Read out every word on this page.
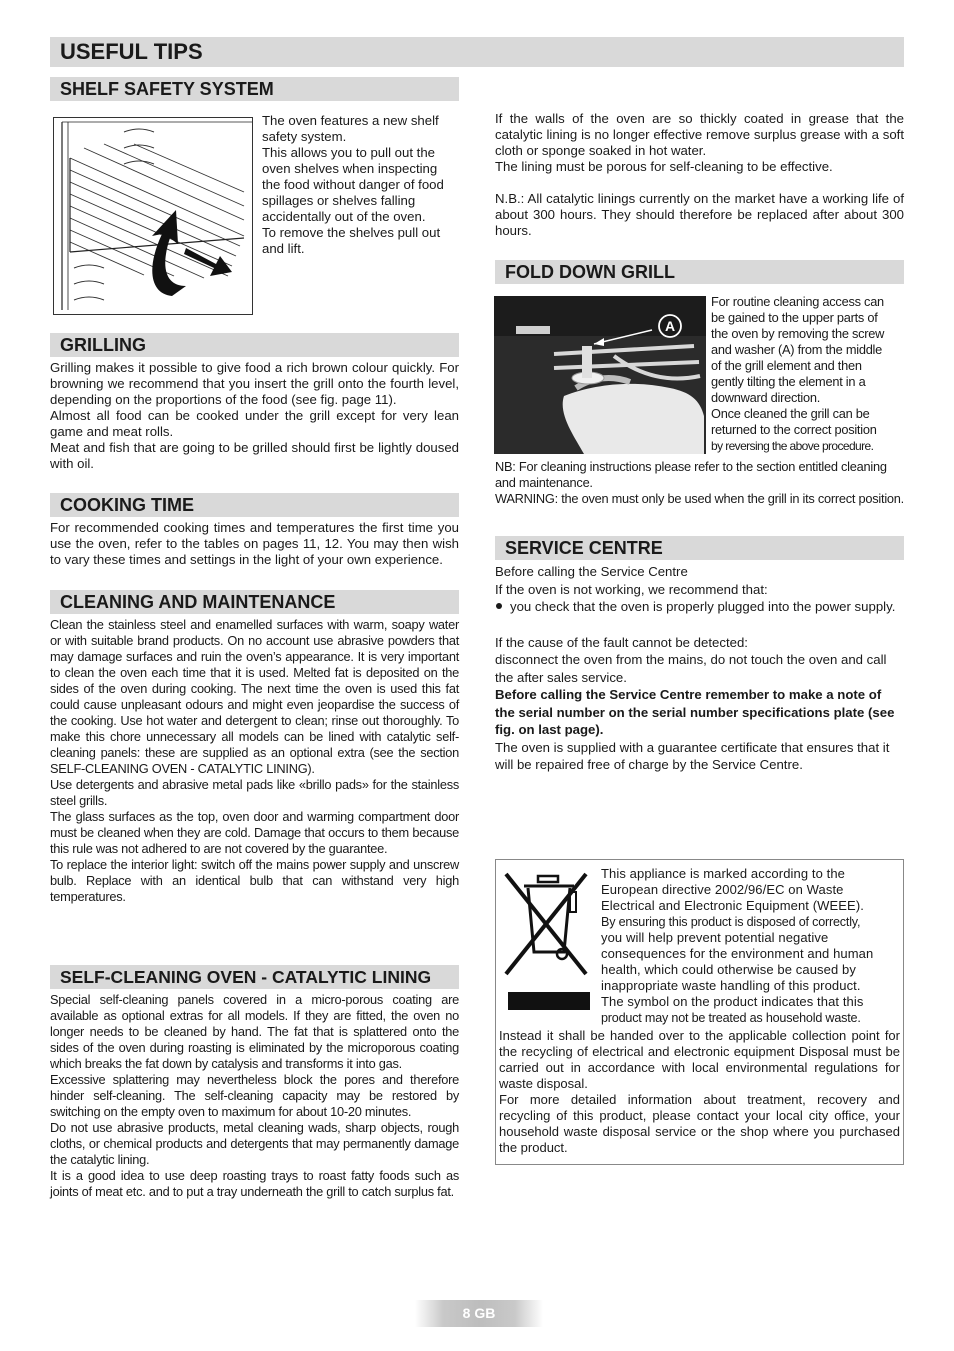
USEFUL TIPS
SHELF SAFETY SYSTEM

The oven features a new shelf

safety system.

This allows you to pull out the

oven shelves when inspecting

the food without danger of food

spillages or shelves falling

accidentally out of the oven.

To remove the shelves pull out

and lift.

GRILLING

Grilling makes it possible to give food a rich brown colour quickly. For browning we recommend that you insert the grill onto the fourth level, depending on the proportions of the food (see fig. page 11).

Almost all food can be cooked under the grill except for very lean game and meat rolls.

Meat and fish that are going to be grilled should first be lightly doused with oil.

COOKING TIME

For recommended cooking times and temperatures the first time you use the oven, refer to the tables on pages 11, 12. You may then wish to vary these times and settings in the light of your own experience.

CLEANING AND MAINTENANCE

Clean the stainless steel and enamelled surfaces with warm, soapy water or with suitable brand products. On no account use abrasive powders that may damage surfaces and ruin the oven’s appearance. It is very important to clean the oven each time that it is used. Melted fat is deposited on the sides of the oven during cooking. The next time the oven is used this fat could cause unpleasant odours and might even jeopardise the success of the cooking. Use hot water and detergent to clean; rinse out thoroughly. To make this chore unnecessary all models can be lined with catalytic self-cleaning panels: these are supplied as an optional extra (see the section SELF-CLEANING OVEN - CATALYTIC LINING).

Use detergents and abrasive metal pads like «brillo pads» for the stainless steel grills.

The glass surfaces as the top, oven door and warming compartment door must be cleaned when they are cold. Damage that occurs to them because this rule was not adhered to are not covered by the guarantee.

To replace the interior light: switch off the mains power supply and unscrew bulb. Replace with an identical bulb that can withstand very high temperatures.

SELF-CLEANING OVEN - CATALYTIC LINING

Special self-cleaning panels covered in a micro-porous coating are available as optional extras for all models. If they are fitted, the oven no longer needs to be cleaned by hand. The fat that is splattered onto the sides of the oven during roasting is eliminated by the microporous coating which breaks the fat down by catalysis and transforms it into gas.

Excessive splattering may nevertheless block the pores and therefore hinder self-cleaning. The self-cleaning capacity may be restored by switching on the empty oven to maximum for about 10-20 minutes.

Do not use abrasive products, metal cleaning wads, sharp objects, rough cloths, or chemical products and detergents that may permanently damage the catalytic lining.

It is a good idea to use deep roasting trays to roast fatty foods such as joints of meat etc. and to put a tray underneath the grill to catch surplus fat.

If the walls of the oven are so thickly coated in grease that the catalytic lining is no longer effective remove surplus grease with a soft cloth or sponge soaked in hot water.

The lining must be porous for self-cleaning to be effective.

N.B.: All catalytic linings currently on the market have a working life of about 300 hours. They should therefore be replaced after about 300 hours.

FOLD DOWN GRILL
A

For routine cleaning access can

be gained to the upper parts of

the oven by removing the screw

and washer (A) from the middle

of the grill element and then

gently tilting the element in a

downward direction.

Once cleaned the grill can be

returned to the correct position

by reversing the above procedure.

NB: For cleaning instructions please refer to the section entitled cleaning and maintenance.

WARNING: the oven must only be used when the grill in its correct position.

SERVICE CENTRE

Before calling the Service Centre

If the oven is not working, we recommend that:

you check that the oven is properly plugged into the power supply.

If the cause of the fault cannot be detected:

disconnect the oven from the mains, do not touch the oven and call the after sales service.

Before calling the Service Centre remember to make a note of the serial number on the serial number specifications plate (see fig. on last page).

The oven is supplied with a guarantee certificate that ensures that it will be repaired free of charge by the Service Centre.

This appliance is marked according to the

European directive 2002/96/EC on Waste

Electrical and Electronic Equipment (WEEE).

By ensuring this product is disposed of correctly,

you will help prevent potential negative

consequences for the environment and human

health, which could otherwise be caused by

inappropriate waste handling of this product.

The symbol on the product indicates that this

product may not be treated as household waste.

Instead it shall be handed over to the applicable collection point for the recycling of electrical and electronic equipment Disposal must be carried out in accordance with local environmental regulations for waste disposal.

For more detailed information about treatment, recovery and recycling of this product, please contact your local city office, your household waste disposal service or the shop where you purchased the product.

8 GB
